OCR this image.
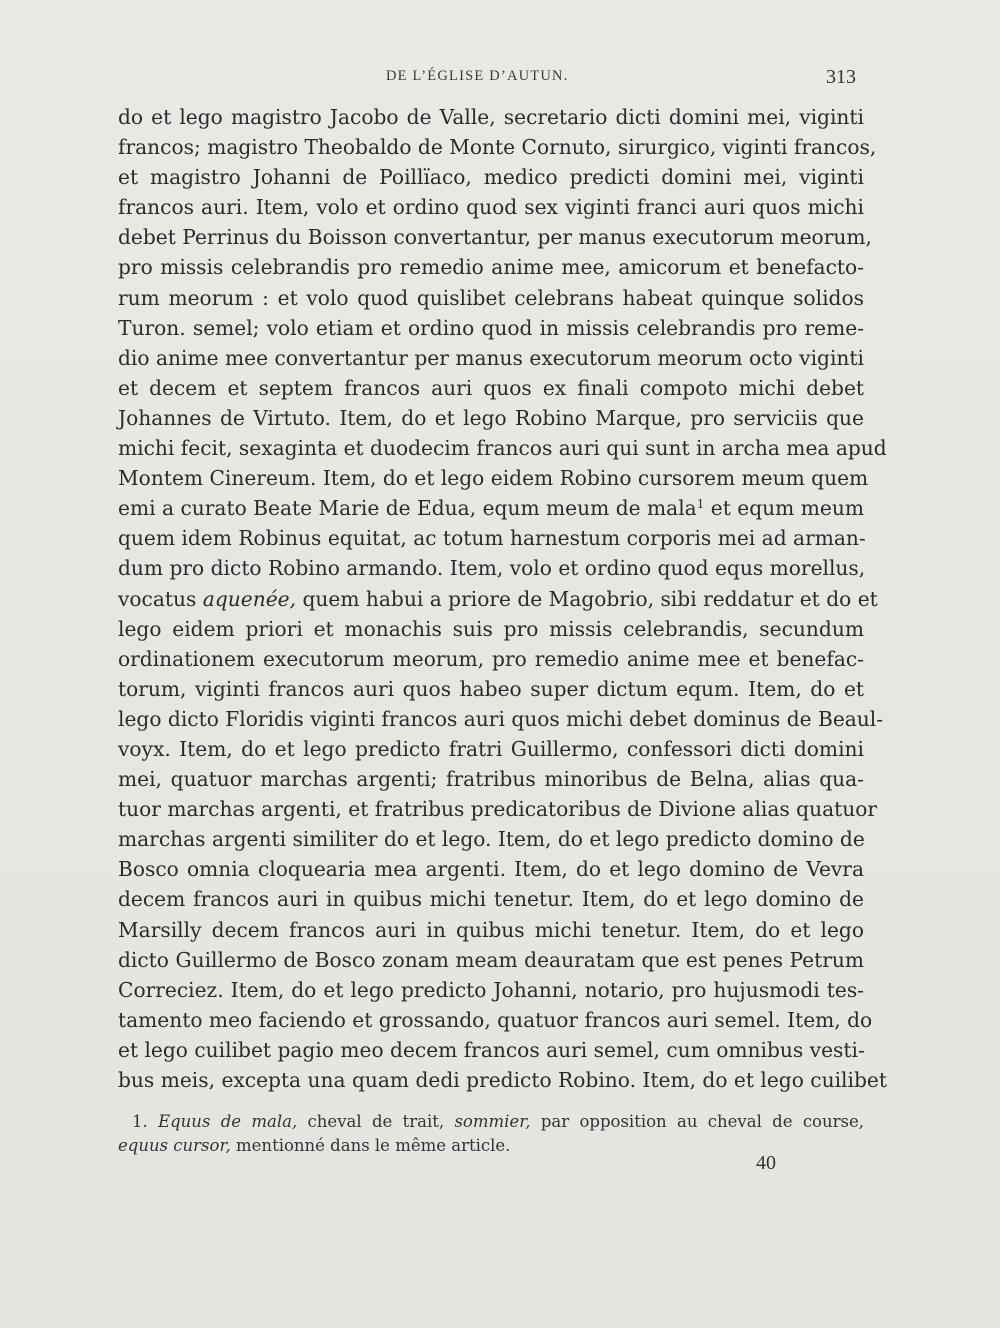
DE L’ÉGLISE D’AUTUN.	313
do et lego magistro Jacobo de Valle, secretario dicti domini mei, viginti
francos; magistro Theobaldo de Monte Cornuto, sirurgico, viginti francos,
et magistro Johanni de Poillïaco, medico predicti domini mei, viginti
francos auri. Item, volo et ordino quod sex viginti franci auri quos michi
debet Perrinus du Boisson convertantur, per manus executorum meorum,
pro missis celebrandis pro remedio anime mee, amicorum et benefacto-
rum meorum : et volo quod quislibet celebrans habeat quinque solidos
Turon. semel; volo etiam et ordino quod in missis celebrandis pro reme-
dio anime mee convertantur per manus executorum meorum octo viginti
et decem et septem francos auri quos ex finali compoto michi debet
Johannes de Virtuto. Item, do et lego Robino Marque, pro serviciis que
michi fecit, sexaginta et duodecim francos auri qui sunt in archa mea apud
Montem Cinereum. Item, do et lego eidem Robino cursorem meum quem
emi a curato Beate Marie de Edua, equm meum de mala$^1$ et equm meum
quem idem Robinus equitat, ac totum harnestum corporis mei ad arman-
dum pro dicto Robino armando. Item, volo et ordino quod equs morellus,
vocatus aquenée, quem habui a priore de Magobrio, sibi reddatur et do et
lego eidem priori et monachis suis pro missis celebrandis, secundum
ordinationem executorum meorum, pro remedio anime mee et benefac-
torum, viginti francos auri quos habeo super dictum equm. Item, do et
lego dicto Floridis viginti francos auri quos michi debet dominus de Beaul-
voyx. Item, do et lego predicto fratri Guillermo, confessori dicti domini
mei, quatuor marchas argenti; fratribus minoribus de Belna, alias qua-
tuor marchas argenti, et fratribus predicatoribus de Divione alias quatuor
marchas argenti similiter do et lego. Item, do et lego predicto domino de
Bosco omnia cloquearia mea argenti. Item, do et lego domino de Vevra
decem francos auri in quibus michi tenetur. Item, do et lego domino de
Marsilly decem francos auri in quibus michi tenetur. Item, do et lego
dicto Guillermo de Bosco zonam meam deauratam que est penes Petrum
Correciez. Item, do et lego predicto Johanni, notario, pro hujusmodi tes-
tamento meo faciendo et grossando, quatuor francos auri semel. Item, do
et lego cuilibet pagio meo decem francos auri semel, cum omnibus vesti-
bus meis, excepta una quam dedi predicto Robino. Item, do et lego cuilibet
1. Equus de mala, cheval de trait, sommier, par opposition au cheval de course,
equus cursor, mentionné dans le même article.
40
